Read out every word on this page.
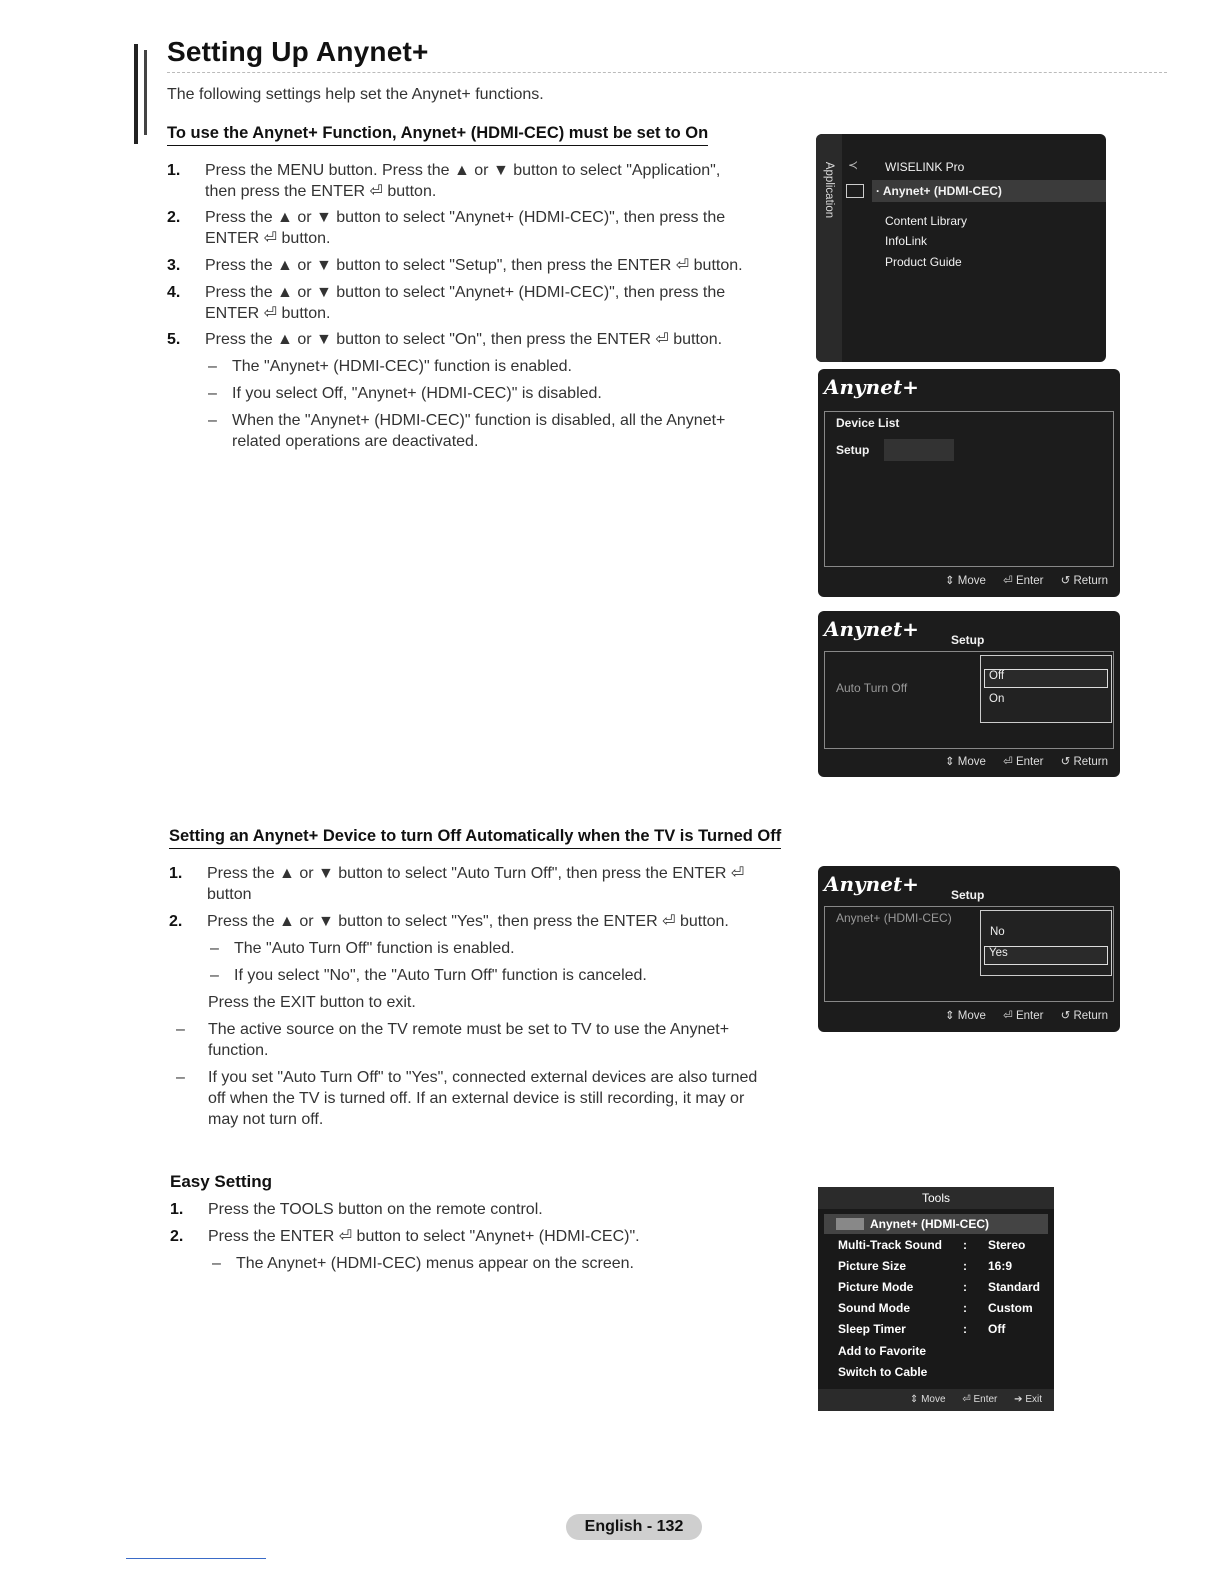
Setting Up Anynet+
The following settings help set the Anynet+ functions.
To use the Anynet+ Function, Anynet+ (HDMI-CEC) must be set to On
1. Press the MENU button. Press the ▲ or ▼ button to select "Application",
then press the ENTER ⏎ button.
2. Press the ▲ or ▼ button to select "Anynet+ (HDMI-CEC)", then press the
ENTER ⏎ button.
3. Press the ▲ or ▼ button to select "Setup", then press the ENTER ⏎ button.
4. Press the ▲ or ▼ button to select "Anynet+ (HDMI-CEC)", then press the
ENTER ⏎ button.
5. Press the ▲ or ▼ button to select "On", then press the ENTER ⏎ button.
– The "Anynet+ (HDMI-CEC)" function is enabled.
– If you select Off, "Anynet+ (HDMI-CEC)" is disabled.
– When the "Anynet+ (HDMI-CEC)" function is disabled, all the Anynet+
related operations are deactivated.
Application ≺ WISELINK Pro
· Anynet+ (HDMI-CEC)
Content Library
InfoLink
Product Guide
Anynet+
Device List
Setup
⇕ Move ⏎ Enter ↺ Return
Anynet+	Setup
Auto Turn Off
Off
On
⇕ Move ⏎ Enter ↺ Return
Setting an Anynet+ Device to turn Off Automatically when the TV is Turned Off
1. Press the ▲ or ▼ button to select "Auto Turn Off", then press the ENTER ⏎
button
2. Press the ▲ or ▼ button to select "Yes", then press the ENTER ⏎ button.
– The "Auto Turn Off" function is enabled.
– If you select "No", the "Auto Turn Off" function is canceled.
Press the EXIT button to exit.
– The active source on the TV remote must be set to TV to use the Anynet+
function.
– If you set "Auto Turn Off" to "Yes", connected external devices are also turned
off when the TV is turned off. If an external device is still recording, it may or
may not turn off.
Anynet+	Setup
Anynet+ (HDMI-CEC)
No
Yes
⇕ Move ⏎ Enter ↺ Return
Easy Setting
1. Press the TOOLS button on the remote control.
2. Press the ENTER ⏎ button to select "Anynet+ (HDMI-CEC)".
– The Anynet+ (HDMI-CEC) menus appear on the screen.
Tools
Anynet+ (HDMI-CEC)
Multi-Track Sound : Stereo
Picture Size	: 16:9
Picture Mode	: Standard
Sound Mode	: Custom
Sleep Timer	: Off
Add to Favorite
Switch to Cable
⇕ Move ⏎ Enter ➔ Exit
English - 132
